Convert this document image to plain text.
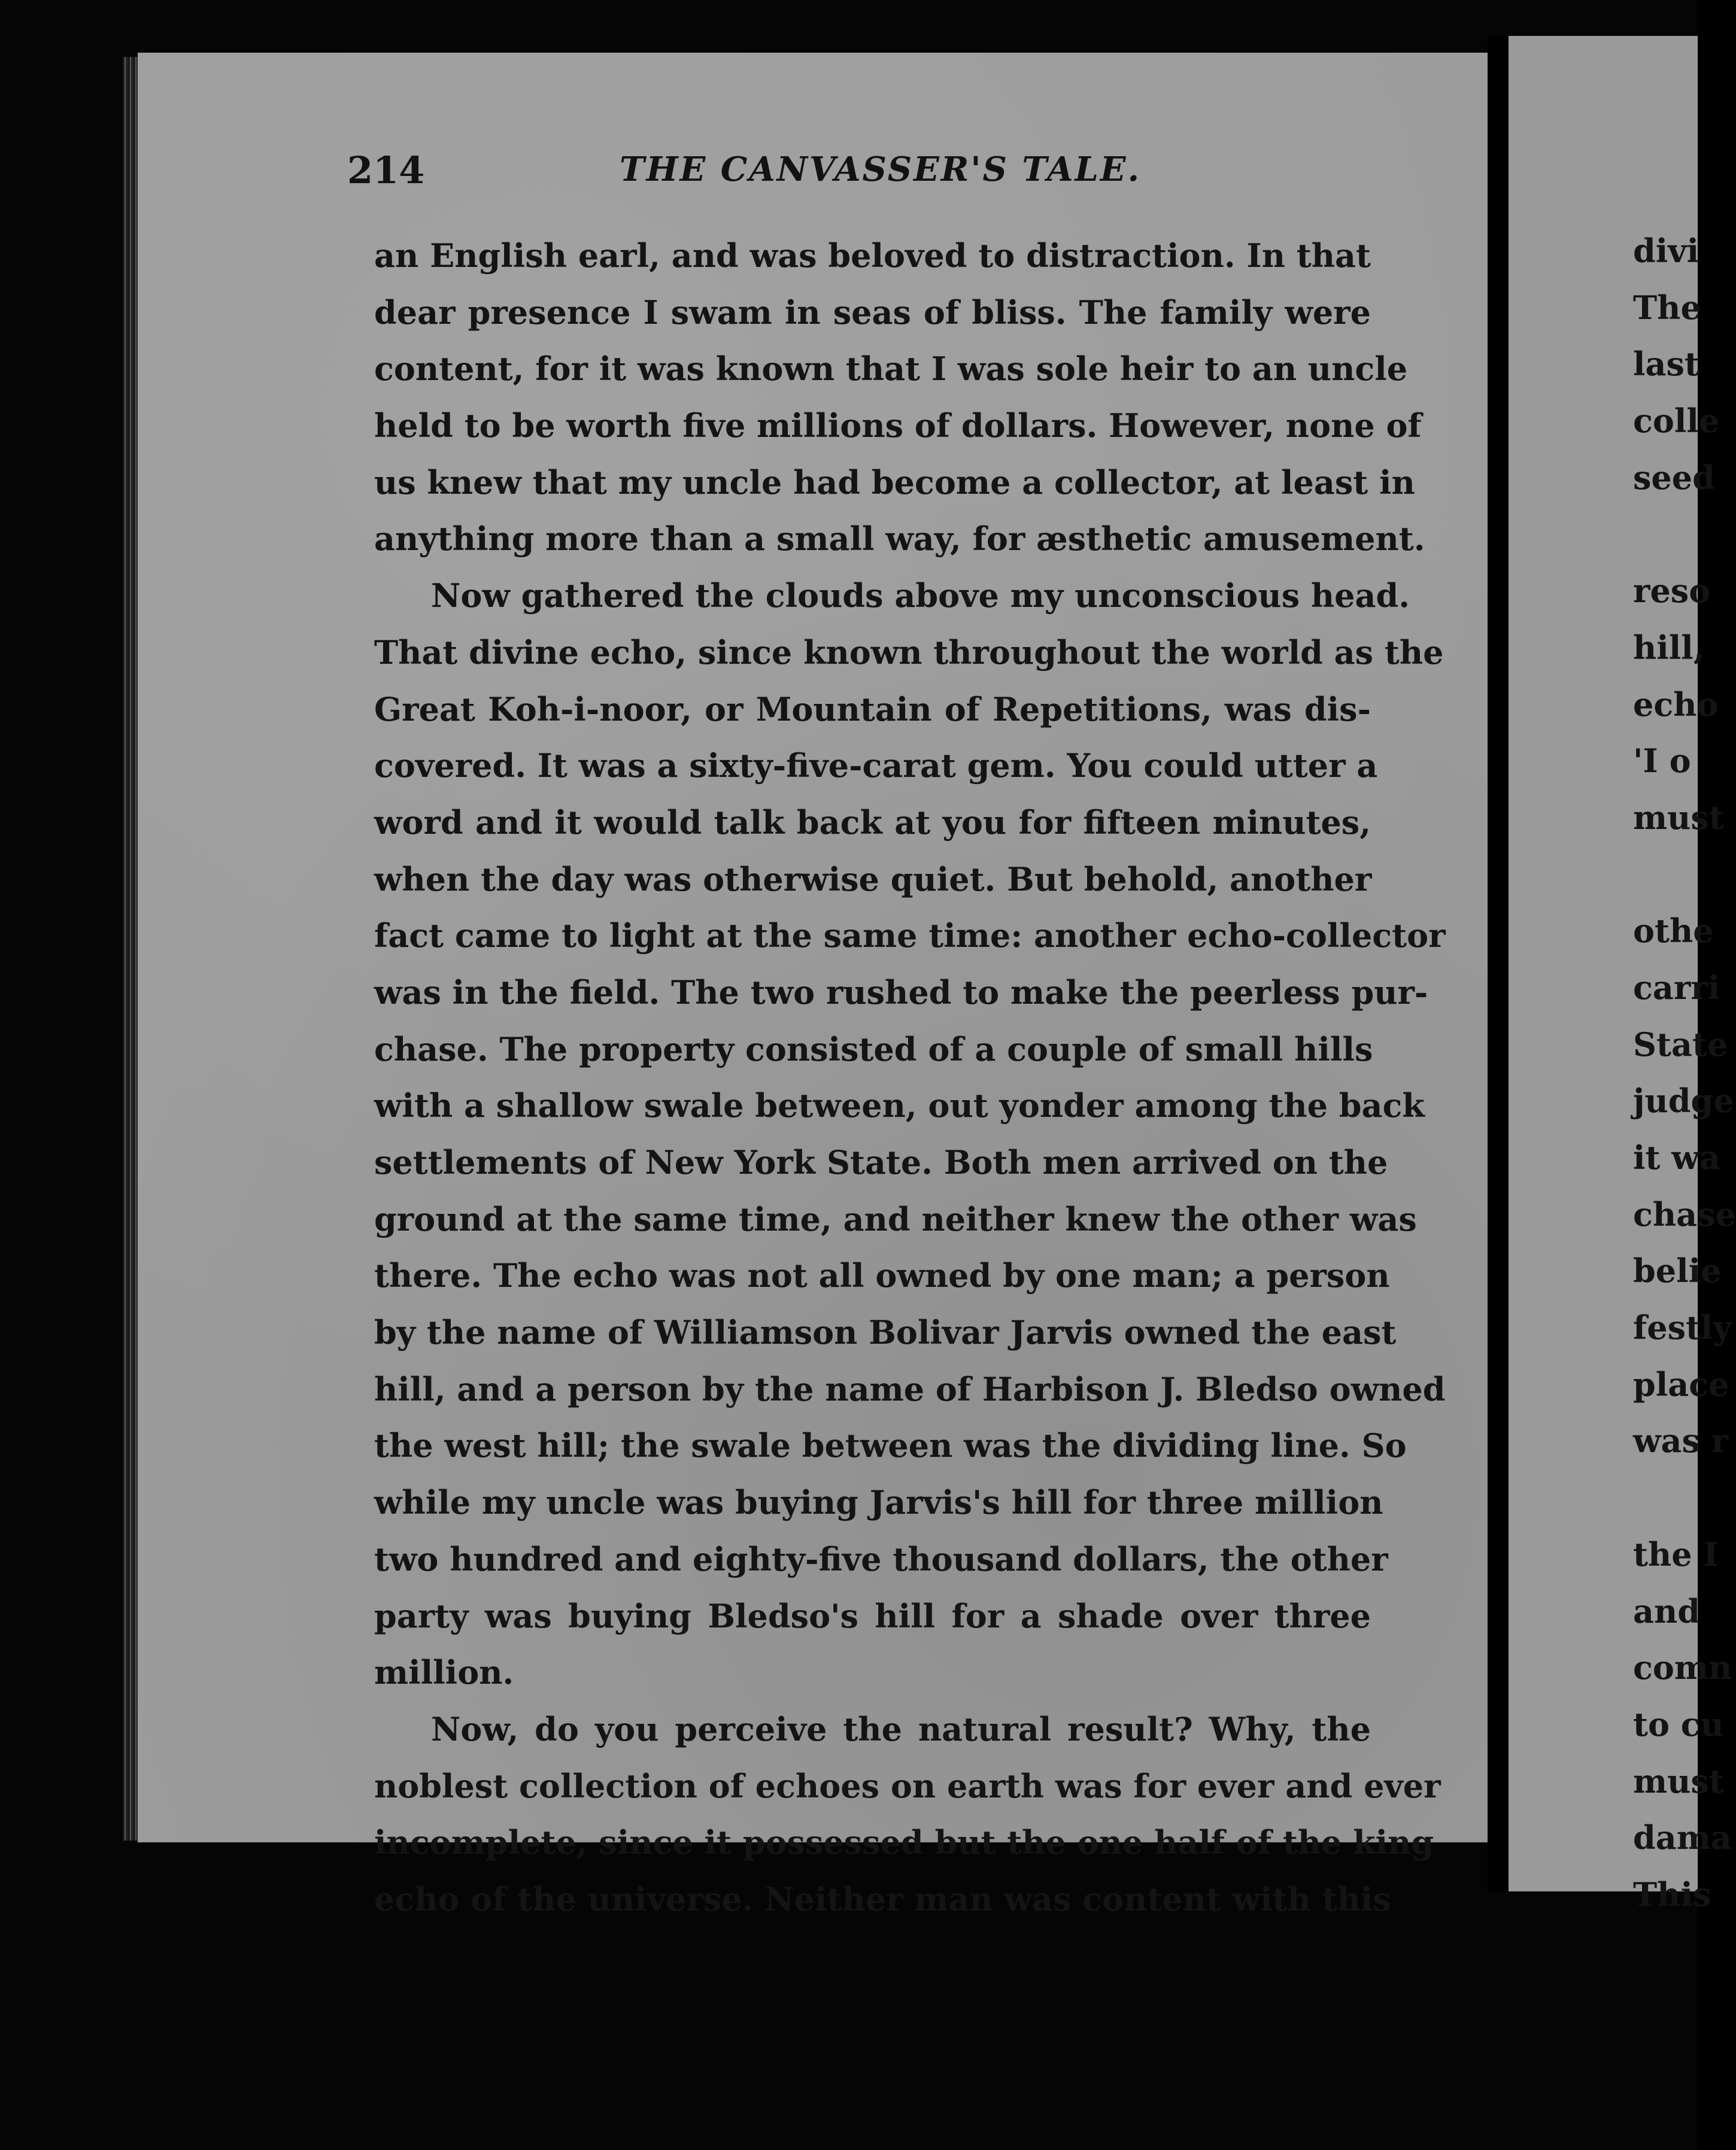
214	THE CANVASSER'S TALE.
an English earl, and was beloved to distraction. In that
dear presence I swam in seas of bliss. The family were
content, for it was known that I was sole heir to an uncle
held to be worth five millions of dollars. However, none of
us knew that my uncle had become a collector, at least in
anything more than a small way, for æsthetic amusement.
Now gathered the clouds above my unconscious head.
That divine echo, since known throughout the world as the
Great Koh-i-noor, or Mountain of Repetitions, was dis-
covered. It was a sixty-five-carat gem. You could utter a
word and it would talk back at you for fifteen minutes,
when the day was otherwise quiet. But behold, another
fact came to light at the same time: another echo-collector
was in the field. The two rushed to make the peerless pur-
chase. The property consisted of a couple of small hills
with a shallow swale between, out yonder among the back
settlements of New York State. Both men arrived on the
ground at the same time, and neither knew the other was
there. The echo was not all owned by one man; a person
by the name of Williamson Bolivar Jarvis owned the east
hill, and a person by the name of Harbison J. Bledso owned
the west hill; the swale between was the dividing line. So
while my uncle was buying Jarvis's hill for three million
two hundred and eighty-five thousand dollars, the other
party was buying Bledso's hill for a shade over three
million.
Now, do you perceive the natural result? Why, the
noblest collection of echoes on earth was for ever and ever
incomplete, since it possessed but the one half of the king
echo of the universe. Neither man was content with this
divi
The
last
colle
seed
reso
hill,
echo
'I o
must
othe
carri
State
judge
it wa
chase
belie
festly
place
was r
the I
and
comn
to cu
must
dama
This
